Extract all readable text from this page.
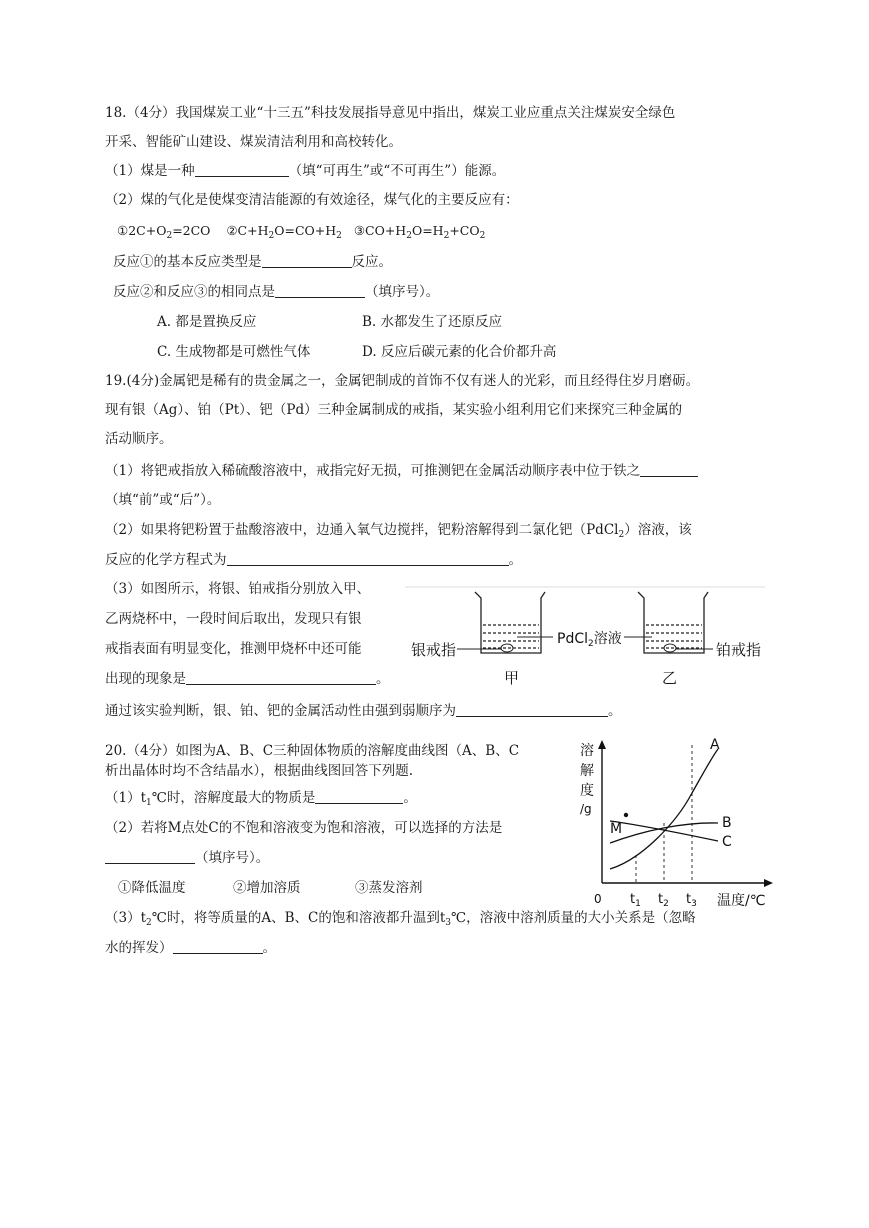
18.（4分）我国煤炭工业“十三五”科技发展指导意见中指出，煤炭工业应重点关注煤炭安全绿色
开采、智能矿山建设、煤炭清洁利用和高校转化。
（1）煤是一种	（填“可再生”或“不可再生”）能源。
（2）煤的气化是使煤变清洁能源的有效途径，煤气化的主要反应有：
$①2C+O_2=2CO$ $②C+H_2O=CO+H_2$ $③CO+H_2O=H_2+CO_2$
反应①的基本反应类型是	反应。
反应②和反应③的相同点是	（填序号）。
A. 都是置换反应	B. 水都发生了还原反应
C. 生成物都是可燃性气体	D. 反应后碳元素的化合价都升高
19.(4分)金属钯是稀有的贵金属之一，金属钯制成的首饰不仅有迷人的光彩，而且经得住岁月磨砺。
现有银（Ag）、铂（Pt）、钯（Pd）三种金属制成的戒指，某实验小组利用它们来探究三种金属的
活动顺序。
（1）将钯戒指放入稀硫酸溶液中，戒指完好无损，可推测钯在金属活动顺序表中位于铁之
（填“前”或“后”）。
（2）如果将钯粉置于盐酸溶液中，边通入氧气边搅拌，钯粉溶解得到二氯化钯（PdCl$_2$）溶液，该
反应的化学方程式为	。
（3）如图所示，将银、铂戒指分别放入甲、
乙两烧杯中，一段时间后取出，发现只有银
戒指表面有明显变化，推测甲烧杯中还可能
出现的现象是	。
通过该实验判断，银、铂、钯的金属活动性由强到弱顺序为	。
银戒指
PdCl$_2$溶液
铂戒指
甲	乙
20.（4分）如图为A、B、C三种固体物质的溶解度曲线图（A、B、C
析出晶体时均不含结晶水），根据曲线图回答下列题.
$(1)t_1℃$时，溶解度最大的物质是	。
（2）若将M点处C的不饱和溶液变为饱和溶液，可以选择的方法是
（填序号）。
①降低温度	②增加溶质	③蒸发溶剂
$(3)t_2℃$时，将等质量的A、B、C的饱和溶液都升温到$t_3℃$，溶液中溶剂质量的大小关系是（忽略
水的挥发）	。
溶
解
度
/g
M
A
B
C
0 $t_1$ $t_2$ $t_3$ 温度/℃
